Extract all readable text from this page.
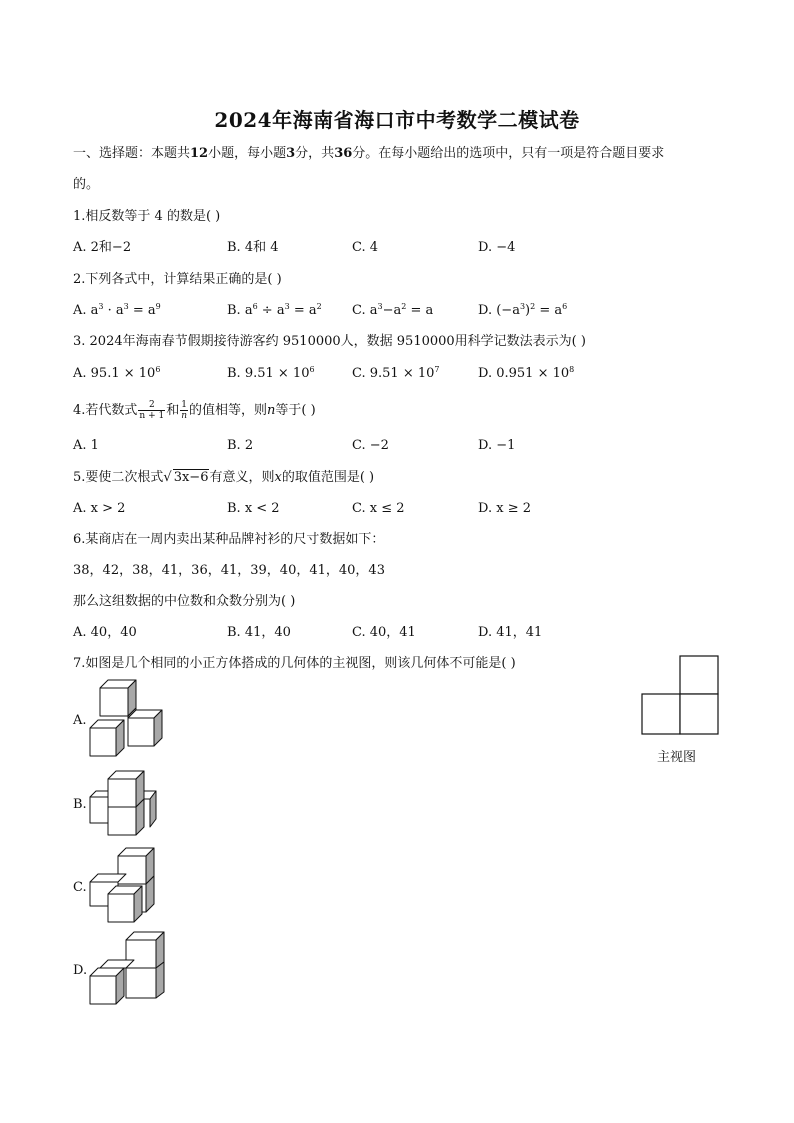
2024年海南省海口市中考数学二模试卷
一、选择题：本题共12小题，每小题3分，共36分。在每小题给出的选项中，只有一项是符合题目要求
的。
1.相反数等于 4 的数是( )
A. 2和−2	B. 4和 4	C. 4	D. −4
2.下列各式中，计算结果正确的是( )
A. $a^3 \cdot a^3 = a^9$	B. $a^6 \div a^3 = a^2$ C. $a^3-a^2 = a$	D. $(-a^3)^2 = a^6$
3. 2024年海南春节假期接待游客约 9510000人，数据 9510000用科学记数法表示为( )
A. $95.1 \times 10^6$	B. $9.51 \times 10^6$	C. $9.51 \times 10^7$	D. $0.951 \times 10^8$
4.若代数式 $\frac{2}{n + 1}$ 和 $\frac{1}{n}$ 的值相等，则n等于( )
A. 1	B. 2	C. −2	D. −1
5.要使二次根式√ 3x−6有意义，则x的取值范围是( )
A. x > 2	B. x < 2	C. x ≤ 2	D. x ≥ 2
6.某商店在一周内卖出某种品牌衬衫的尺寸数据如下：
38，42，38，41，36，41，39，40，41，40，43
那么这组数据的中位数和众数分别为( )
A. 40，40	B. 41，40	C. 40，41	D. 41，41
7.如图是几个相同的小正方体搭成的几何体的主视图，则该几何体不可能是( )
主视图
A.
B.
C.
D.
